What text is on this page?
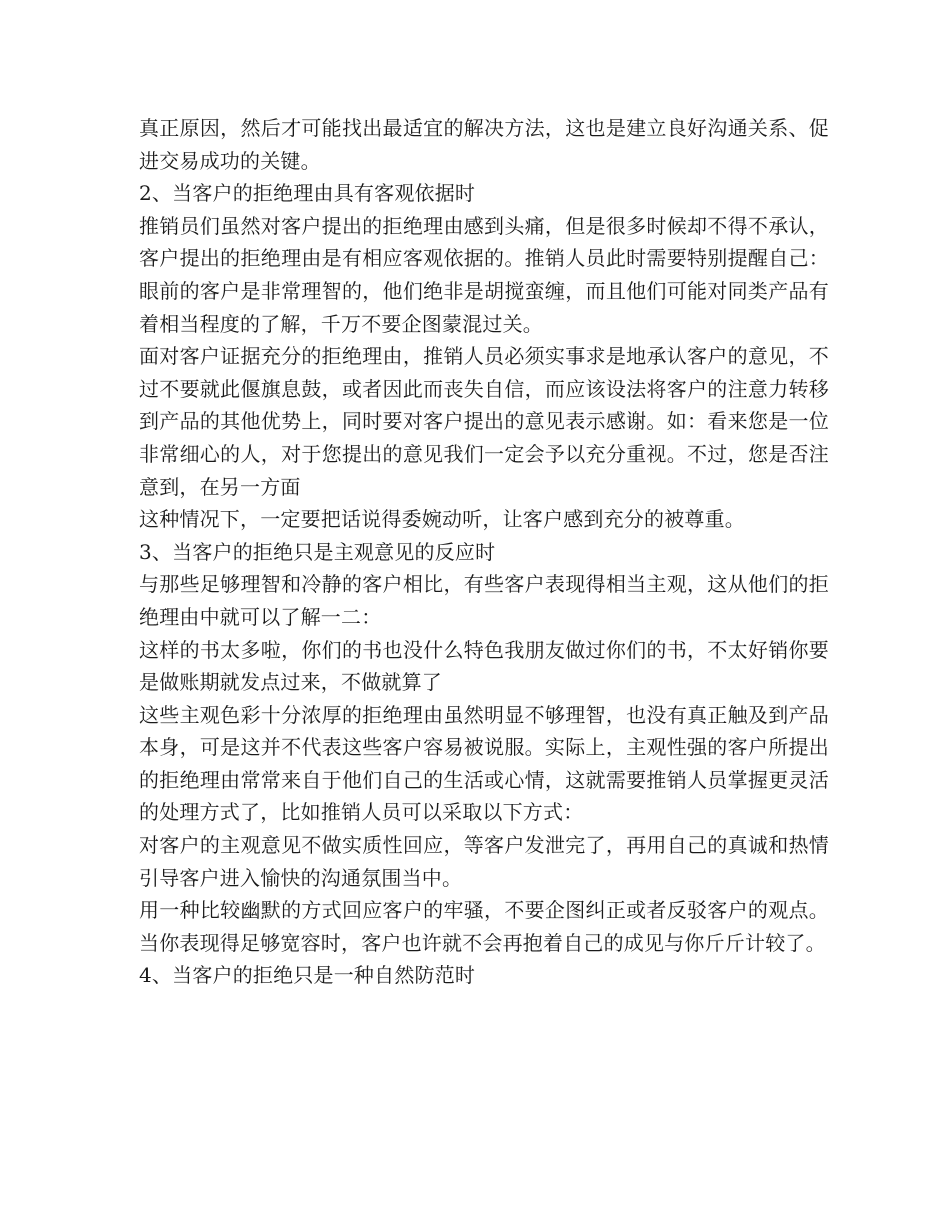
真正原因，然后才可能找出最适宜的解决方法，这也是建立良好沟通关系、促进交易成功的关键。

2、当客户的拒绝理由具有客观依据时

推销员们虽然对客户提出的拒绝理由感到头痛，但是很多时候却不得不承认，客户提出的拒绝理由是有相应客观依据的。推销人员此时需要特别提醒自己：眼前的客户是非常理智的，他们绝非是胡搅蛮缠，而且他们可能对同类产品有着相当程度的了解，千万不要企图蒙混过关。

面对客户证据充分的拒绝理由，推销人员必须实事求是地承认客户的意见，不过不要就此偃旗息鼓，或者因此而丧失自信，而应该设法将客户的注意力转移到产品的其他优势上，同时要对客户提出的意见表示感谢。如：看来您是一位非常细心的人，对于您提出的意见我们一定会予以充分重视。不过，您是否注意到，在另一方面

这种情况下，一定要把话说得委婉动听，让客户感到充分的被尊重。

3、当客户的拒绝只是主观意见的反应时

与那些足够理智和冷静的客户相比，有些客户表现得相当主观，这从他们的拒绝理由中就可以了解一二：

这样的书太多啦，你们的书也没什么特色我朋友做过你们的书，不太好销你要是做账期就发点过来，不做就算了

这些主观色彩十分浓厚的拒绝理由虽然明显不够理智，也没有真正触及到产品本身，可是这并不代表这些客户容易被说服。实际上，主观性强的客户所提出的拒绝理由常常来自于他们自己的生活或心情，这就需要推销人员掌握更灵活的处理方式了，比如推销人员可以采取以下方式：

对客户的主观意见不做实质性回应，等客户发泄完了，再用自己的真诚和热情引导客户进入愉快的沟通氛围当中。

用一种比较幽默的方式回应客户的牢骚，不要企图纠正或者反驳客户的观点。当你表现得足够宽容时，客户也许就不会再抱着自己的成见与你斤斤计较了。

4、当客户的拒绝只是一种自然防范时
